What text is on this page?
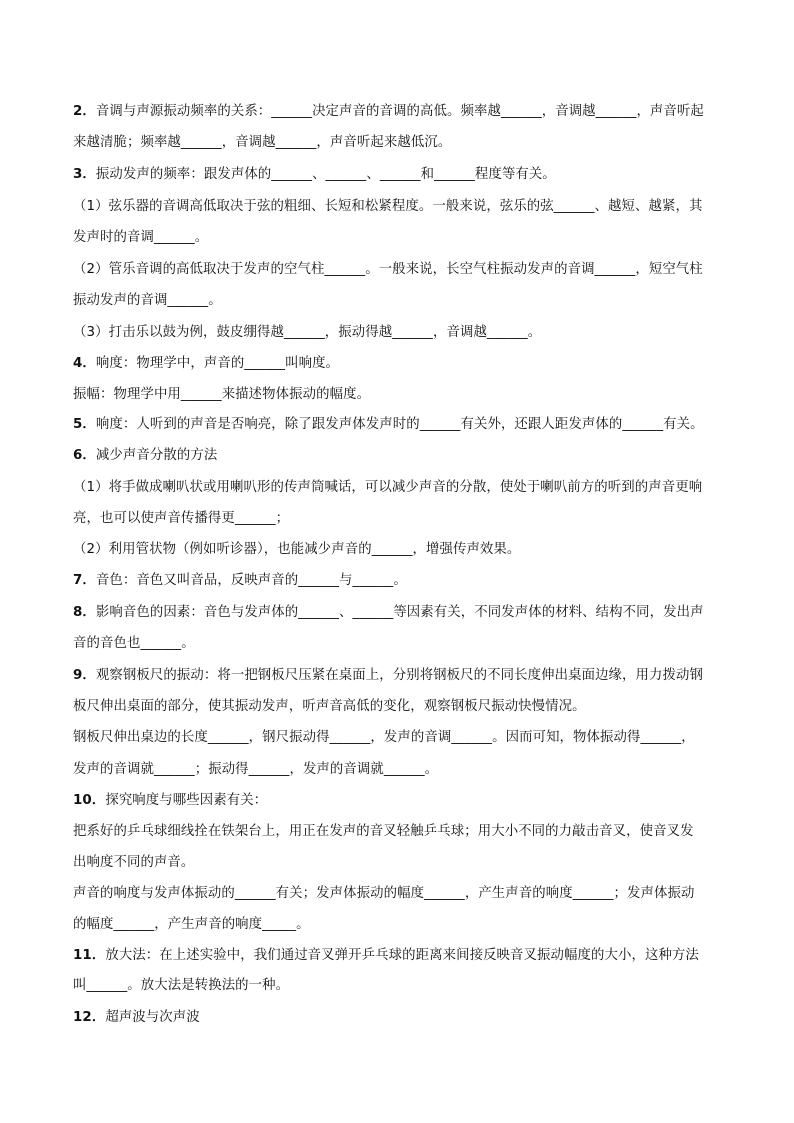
2．音调与声源振动频率的关系：______决定声音的音调的高低。频率越______，音调越______，声音听起
来越清脆；频率越______，音调越______，声音听起来越低沉。
3．振动发声的频率：跟发声体的______、______、______和______程度等有关。
（1）弦乐器的音调高低取决于弦的粗细、长短和松紧程度。一般来说，弦乐的弦______、越短、越紧，其
发声时的音调______。
（2）管乐音调的高低取决于发声的空气柱______。一般来说，长空气柱振动发声的音调______，短空气柱
振动发声的音调______。
（3）打击乐以鼓为例，鼓皮绷得越______，振动得越______，音调越______。
4．响度：物理学中，声音的______叫响度。
振幅：物理学中用______来描述物体振动的幅度。
5．响度：人听到的声音是否响亮，除了跟发声体发声时的______有关外，还跟人距发声体的______有关。
6．减少声音分散的方法
（1）将手做成喇叭状或用喇叭形的传声筒喊话，可以减少声音的分散，使处于喇叭前方的听到的声音更响
亮，也可以使声音传播得更______；
（2）利用管状物（例如听诊器），也能减少声音的______，增强传声效果。
7．音色：音色又叫音品，反映声音的______与______。
8．影响音色的因素：音色与发声体的______、______等因素有关，不同发声体的材料、结构不同，发出声
音的音色也______。
9．观察钢板尺的振动：将一把钢板尺压紧在桌面上，分别将钢板尺的不同长度伸出桌面边缘，用力拨动钢
板尺伸出桌面的部分，使其振动发声，听声音高低的变化，观察钢板尺振动快慢情况。
钢板尺伸出桌边的长度______，钢尺振动得______，发声的音调______。因而可知，物体振动得______，
发声的音调就______；振动得______，发声的音调就______。
10．探究响度与哪些因素有关：
把系好的乒乓球细线拴在铁架台上，用正在发声的音叉轻触乒乓球；用大小不同的力敲击音叉，使音叉发
出响度不同的声音。
声音的响度与发声体振动的______有关；发声体振动的幅度______，产生声音的响度______；发声体振动
的幅度______，产生声音的响度_____。
11．放大法：在上述实验中，我们通过音叉弹开乒乓球的距离来间接反映音叉振动幅度的大小，这种方法
叫______。放大法是转换法的一种。
12．超声波与次声波
